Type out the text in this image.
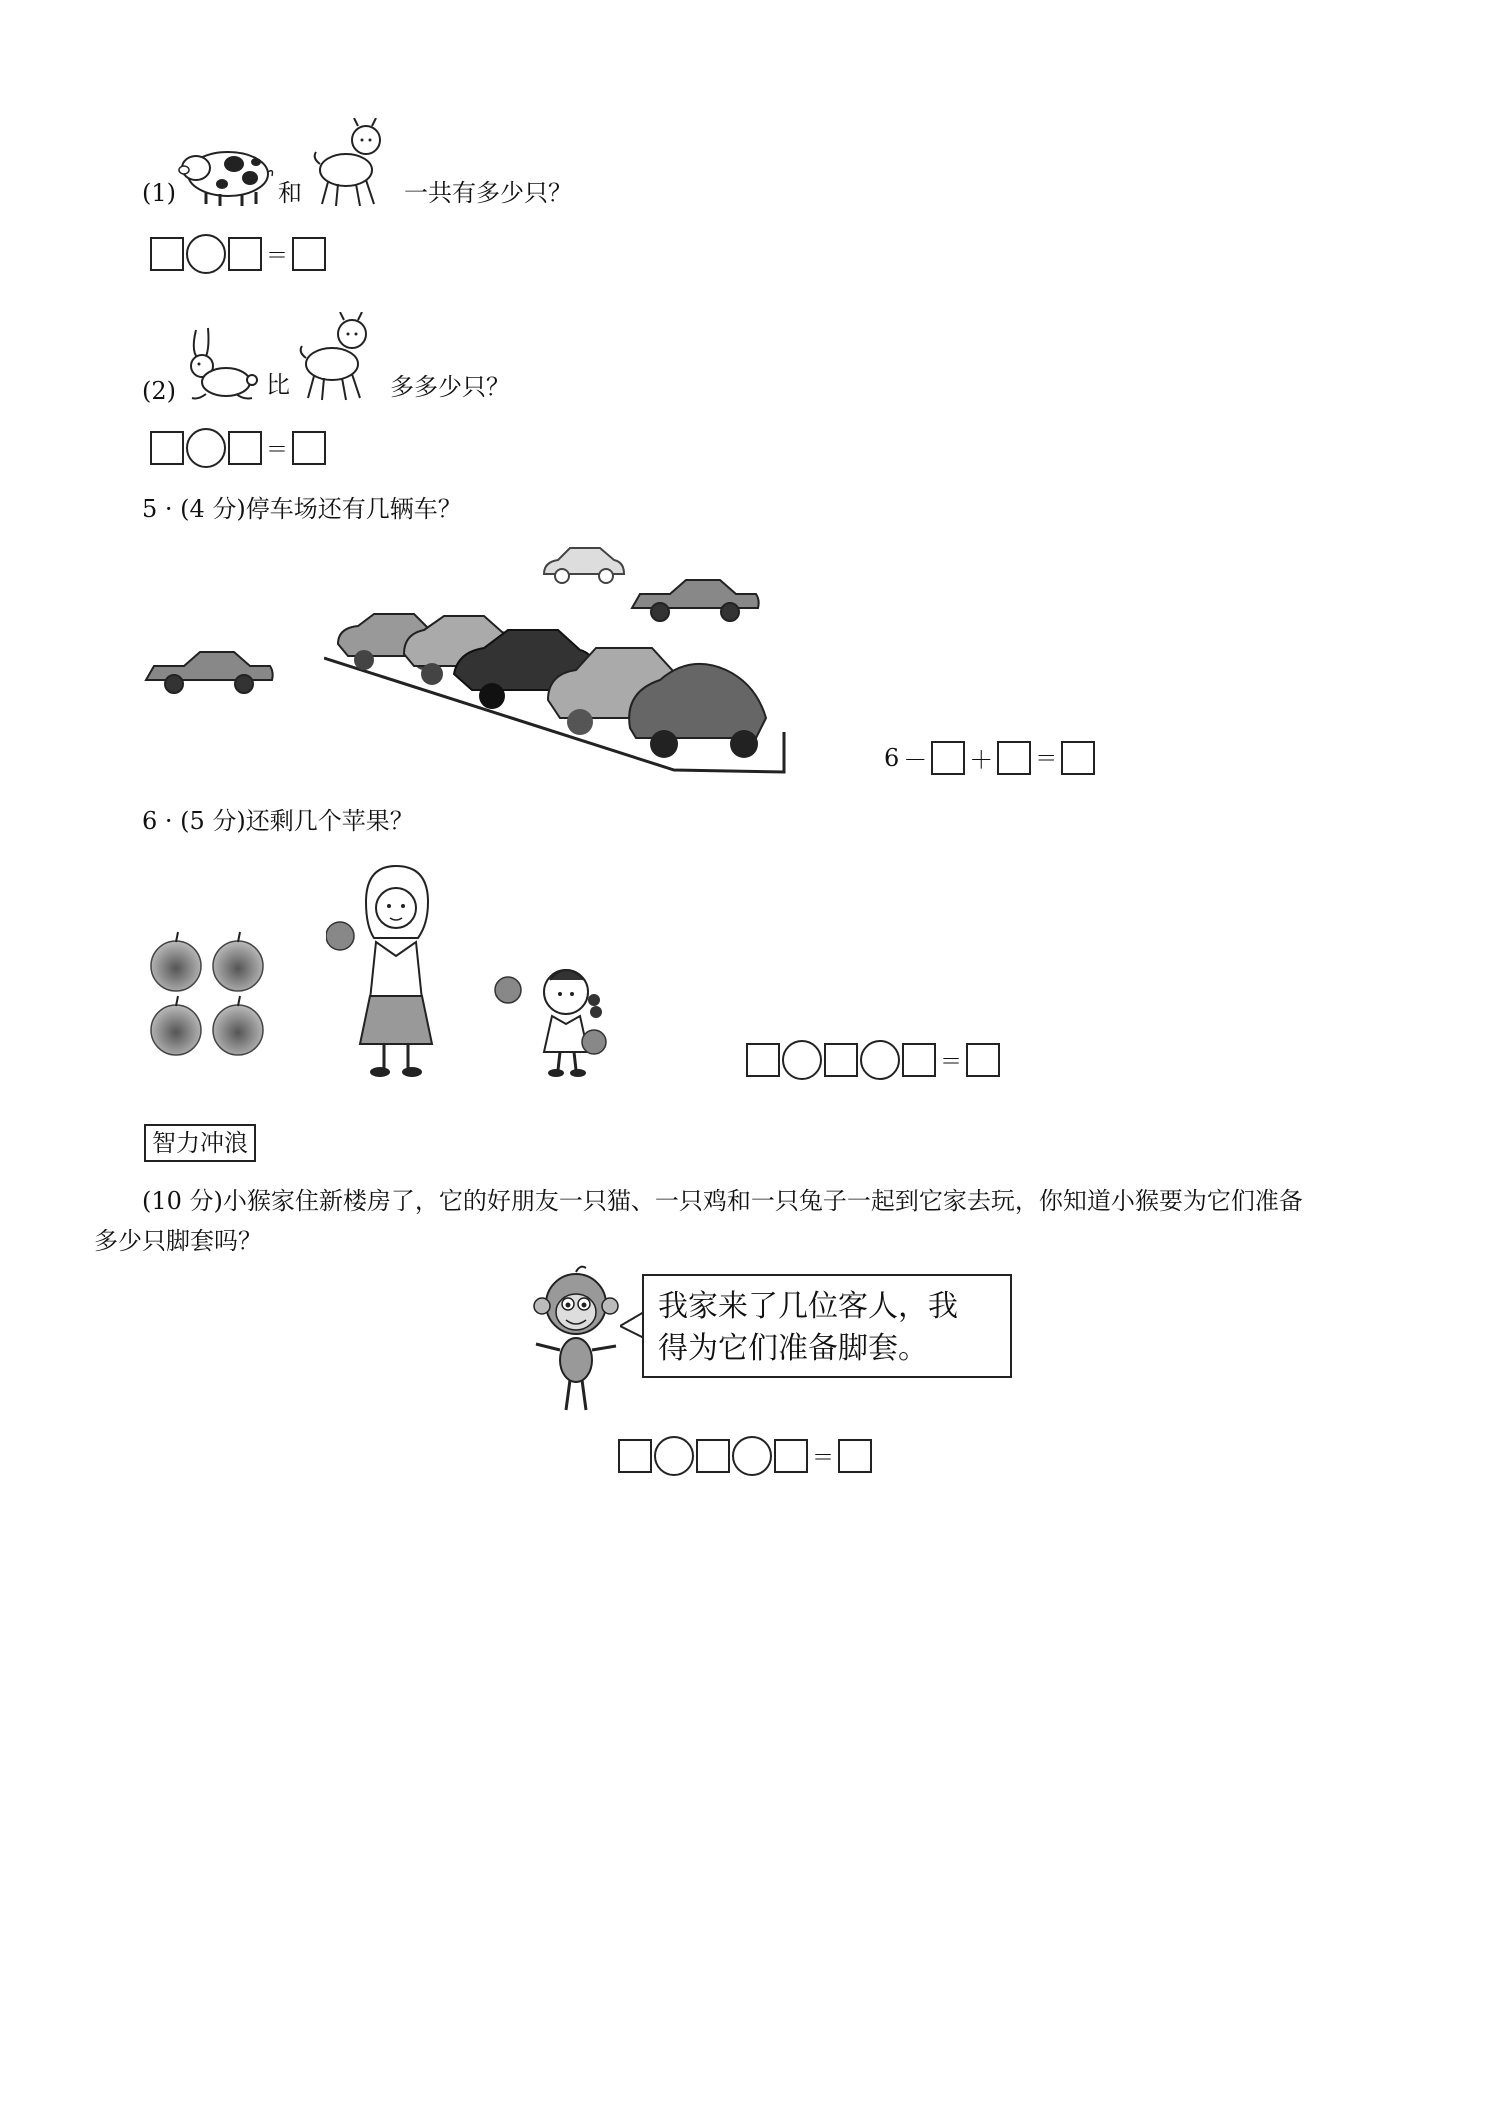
(1)	和	一共有多少只？
＝
(2)	比	多多少只？
＝
5 · (4 分)停车场还有几辆车？
6 － ＋ ＝
6 · (5 分)还剩几个苹果？
＝
智力冲浪
(10 分)小猴家住新楼房了，它的好朋友一只猫、一只鸡和一只兔子一起到它家去玩，你知道小猴要为它们准备
多少只脚套吗？
我家来了几位客人，我
得为它们准备脚套。
＝
